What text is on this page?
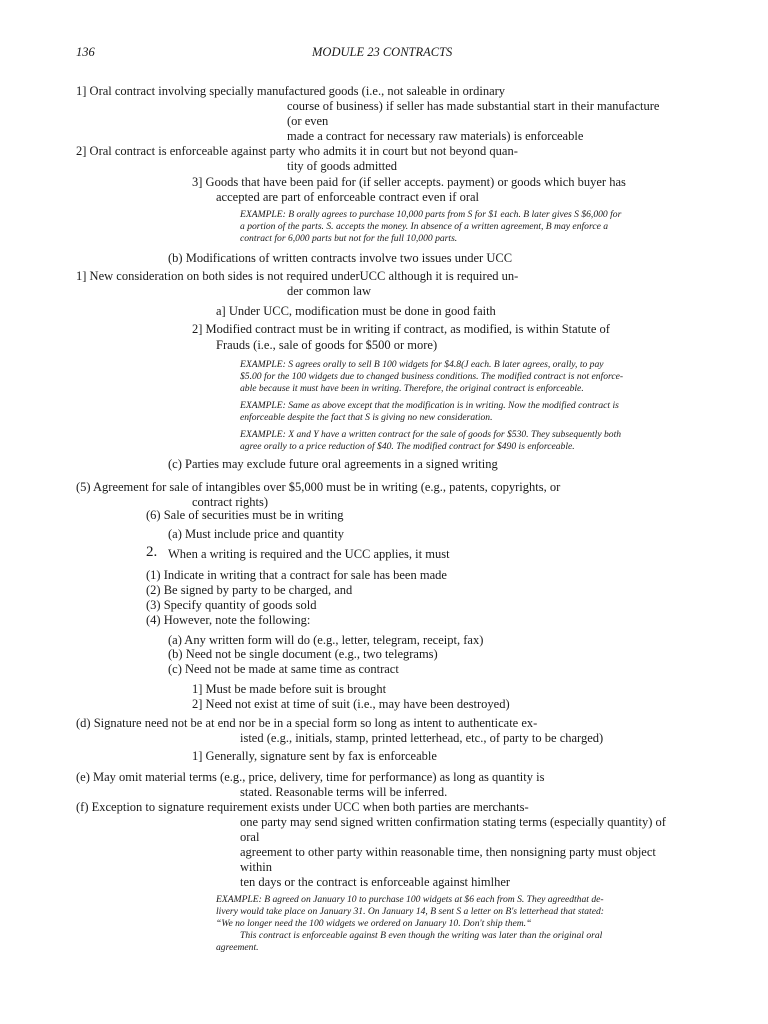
136	MODULE 23 CONTRACTS
1] Oral contract involving specially manufactured goods (i.e., not saleable in ordinary
course of business) if seller has made substantial start in their manufacture
(or even
made a contract for necessary raw materials) is enforceable
2] Oral contract is enforceable against party who admits it in court but not beyond quan-
tity of goods admitted
3] Goods that have been paid for (if seller accepts. payment) or goods which buyer has
accepted are part of enforceable contract even if oral
EXAMPLE: B orally agrees to purchase 10,000 parts from S for $1 each. B later gives S $6,000 for
a portion of the parts. S. accepts the money. In absence of a written agreement, B may enforce a
contract for 6,000 parts but not for the full 10,000 parts.
(b) Modifications of written contracts involve two issues under UCC
1] New consideration on both sides is not required underUCC although it is required un-
der common law
a] Under UCC, modification must be done in good faith
2] Modified contract must be in writing if contract, as modified, is within Statute of
Frauds (i.e., sale of goods for $500 or more)
EXAMPLE: S agrees orally to sell B 100 widgets for $4.8(J each. B later agrees, orally, to pay
$5.00 for the 100 widgets due to changed business conditions. The modified contract is not enforce-
able because it must have been in writing. Therefore, the original contract is enforceable.
EXAMPLE: Same as above except that the modification is in writing. Now the modified contract is
enforceable despite the fact that S is giving no new consideration.
EXAMPLE: X and Y have a written contract for the sale of goods for $530. They subsequently both
agree orally to a price reduction of $40. The modified contract for $490 is enforceable.
(c) Parties may exclude future oral agreements in a signed writing
(5) Agreement for sale of intangibles over $5,000 must be in writing (e.g., patents, copyrights, or
contract rights)
(6) Sale of securities must be in writing
(a) Must include price and quantity
2. When a writing is required and the UCC applies, it must
(1) Indicate in writing that a contract for sale has been made
(2) Be signed by party to be charged, and
(3) Specify quantity of goods sold
(4) However, note the following:
(a) Any written form will do (e.g., letter, telegram, receipt, fax)
(b) Need not be single document (e.g., two telegrams)
(c) Need not be made at same time as contract
1] Must be made before suit is brought
2] Need not exist at time of suit (i.e., may have been destroyed)
(d) Signature need not be at end nor be in a special form so long as intent to authenticate ex-
isted (e.g., initials, stamp, printed letterhead, etc., of party to be charged)
1] Generally, signature sent by fax is enforceable
(e) May omit material terms (e.g., price, delivery, time for performance) as long as quantity is
stated. Reasonable terms will be inferred.
(f) Exception to signature requirement exists under UCC when both parties are merchants-
one party may send signed written confirmation stating terms (especially quantity) of
oral
agreement to other party within reasonable time, then nonsigning party must object
within
ten days or the contract is enforceable against himlher
EXAMPLE: B agreed on January 10 to purchase 100 widgets at $6 each from S. They agreedthat de-
livery would take place on January 31. On January 14, B sent S a letter on B's letterhead that stated:
“We no longer need the 100 widgets we ordered on January 10. Don't ship them.“
This contract is enforceable against B even though the writing was later than the original oral
agreement.
